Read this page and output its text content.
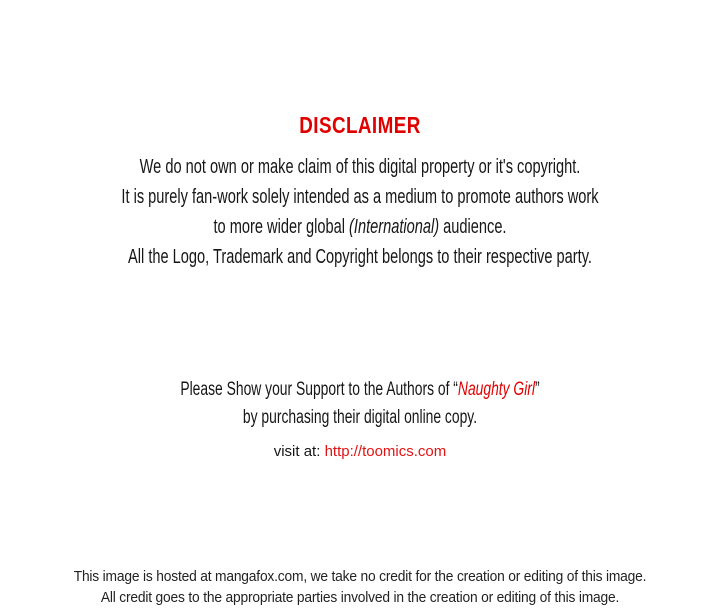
DISCLAIMER

We do not own or make claim of this digital property or it's copyright.

It is purely fan-work solely intended as a medium to promote authors work

to more wider global (International) audience.

All the Logo, Trademark and Copyright belongs to their respective party.

Please Show your Support to the Authors of “Naughty Girl”

by purchasing their digital online copy.

visit at: http://toomics.com

This image is hosted at mangafox.com, we take no credit for the creation or editing of this image.

All credit goes to the appropriate parties involved in the creation or editing of this image.
